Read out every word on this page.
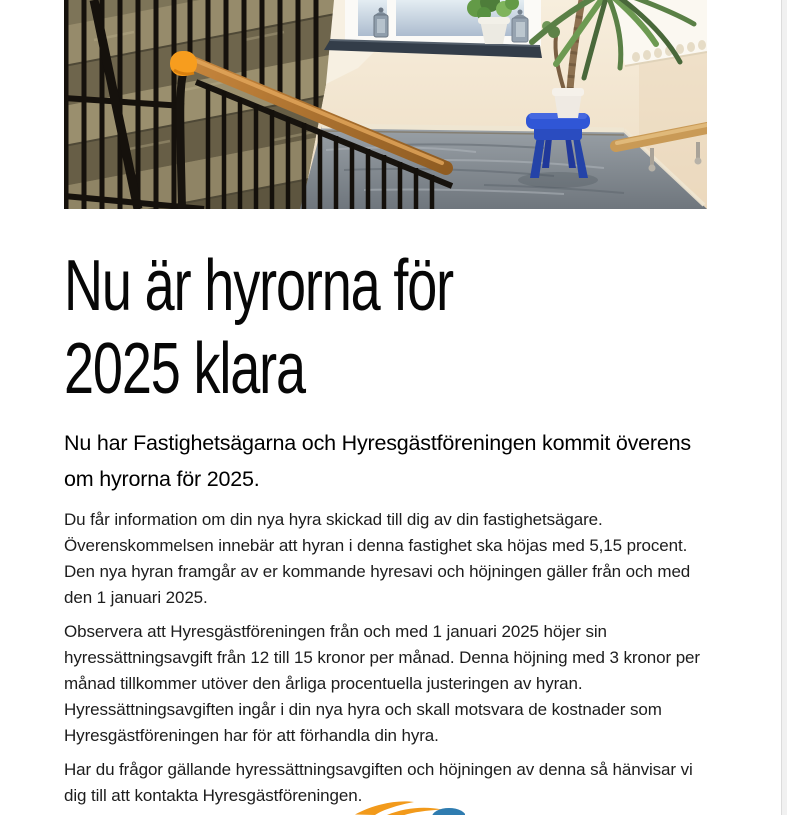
Nu är hyrorna för
2025 klara

Nu har Fastighetsägarna och Hyresgästföreningen kommit överens om hyrorna för 2025.

Du får information om din nya hyra skickad till dig av din fastighetsägare. Överenskommelsen innebär att hyran i denna fastighet ska höjas med 5,15 procent. Den nya hyran framgår av er kommande hyresavi och höjningen gäller från och med den 1 januari 2025.

Observera att Hyresgästföreningen från och med 1 januari 2025 höjer sin hyressättningsavgift från 12 till 15 kronor per månad. Denna höjning med 3 kronor per månad tillkommer utöver den årliga procentuella justeringen av hyran. Hyressättningsavgiften ingår i din nya hyra och skall motsvara de kostnader som Hyresgästföreningen har för att förhandla din hyra.

Har du frågor gällande hyressättningsavgiften och höjningen av denna så hänvisar vi dig till att kontakta Hyresgästföreningen.
